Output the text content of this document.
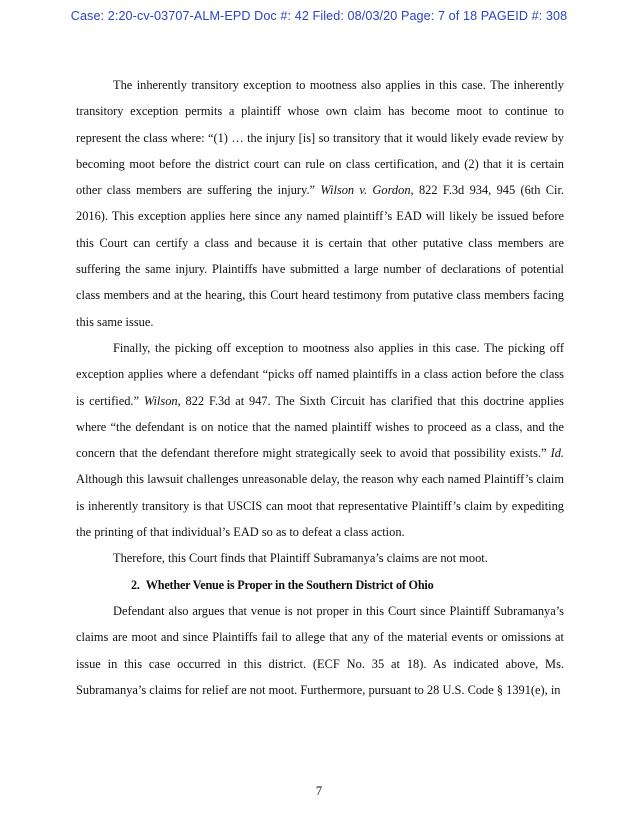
Case: 2:20-cv-03707-ALM-EPD Doc #: 42 Filed: 08/03/20 Page: 7 of 18 PAGEID #: 308

The inherently transitory exception to mootness also applies in this case. The inherently transitory exception permits a plaintiff whose own claim has become moot to continue to represent the class where: “(1) … the injury [is] so transitory that it would likely evade review by becoming moot before the district court can rule on class certification, and (2) that it is certain other class members are suffering the injury.” Wilson v. Gordon, 822 F.3d 934, 945 (6th Cir. 2016). This exception applies here since any named plaintiff’s EAD will likely be issued before this Court can certify a class and because it is certain that other putative class members are suffering the same injury. Plaintiffs have submitted a large number of declarations of potential class members and at the hearing, this Court heard testimony from putative class members facing this same issue.

Finally, the picking off exception to mootness also applies in this case. The picking off exception applies where a defendant “picks off named plaintiffs in a class action before the class is certified.” Wilson, 822 F.3d at 947. The Sixth Circuit has clarified that this doctrine applies where “the defendant is on notice that the named plaintiff wishes to proceed as a class, and the concern that the defendant therefore might strategically seek to avoid that possibility exists.” Id. Although this lawsuit challenges unreasonable delay, the reason why each named Plaintiff’s claim is inherently transitory is that USCIS can moot that representative Plaintiff’s claim by expediting the printing of that individual’s EAD so as to defeat a class action.

Therefore, this Court finds that Plaintiff Subramanya’s claims are not moot.

2. Whether Venue is Proper in the Southern District of Ohio

Defendant also argues that venue is not proper in this Court since Plaintiff Subramanya’s claims are moot and since Plaintiffs fail to allege that any of the material events or omissions at issue in this case occurred in this district. (ECF No. 35 at 18). As indicated above, Ms. Subramanya’s claims for relief are not moot. Furthermore, pursuant to 28 U.S. Code § 1391(e), in

7
